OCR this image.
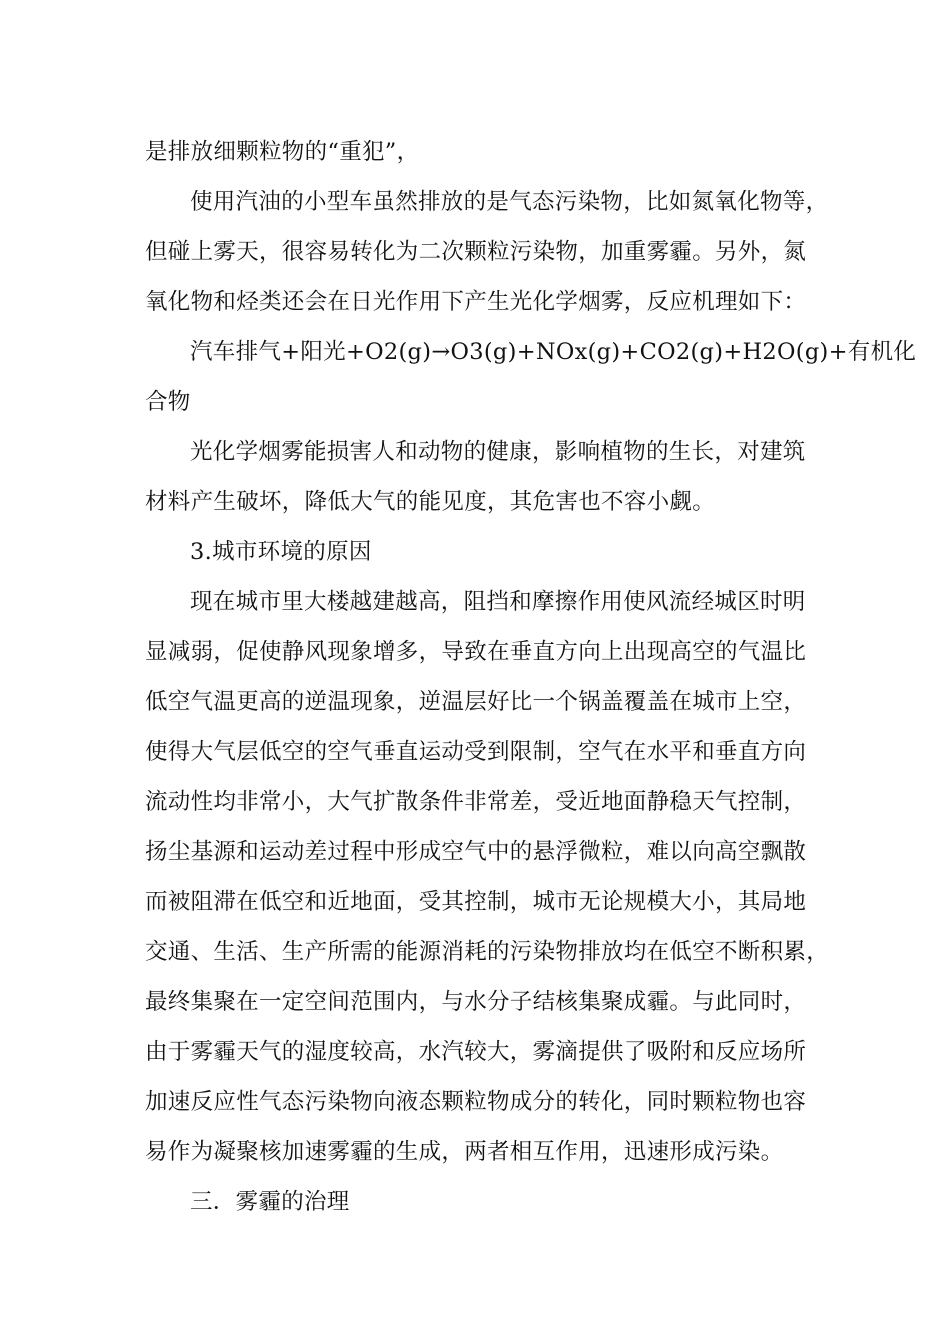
是排放细颗粒物的“重犯”，

使用汽油的小型车虽然排放的是气态污染物，比如氮氧化物等，

但碰上雾天，很容易转化为二次颗粒污染物，加重雾霾。另外，氮

氧化物和烃类还会在日光作用下产生光化学烟雾，反应机理如下：

汽车排气+阳光+O2(g)→O3(g)+NOx(g)+CO2(g)+H2O(g)+有机化

合物

光化学烟雾能损害人和动物的健康，影响植物的生长，对建筑

材料产生破坏，降低大气的能见度，其危害也不容小觑。

3.城市环境的原因

现在城市里大楼越建越高，阻挡和摩擦作用使风流经城区时明

显减弱，促使静风现象增多，导致在垂直方向上出现高空的气温比

低空气温更高的逆温现象，逆温层好比一个锅盖覆盖在城市上空，

使得大气层低空的空气垂直运动受到限制，空气在水平和垂直方向

流动性均非常小，大气扩散条件非常差，受近地面静稳天气控制，

扬尘基源和运动差过程中形成空气中的悬浮微粒，难以向高空飘散

而被阻滞在低空和近地面，受其控制，城市无论规模大小，其局地

交通、生活、生产所需的能源消耗的污染物排放均在低空不断积累，

最终集聚在一定空间范围内，与水分子结核集聚成霾。与此同时，

由于雾霾天气的湿度较高，水汽较大，雾滴提供了吸附和反应场所

加速反应性气态污染物向液态颗粒物成分的转化，同时颗粒物也容

易作为凝聚核加速雾霾的生成，两者相互作用，迅速形成污染。

三．雾霾的治理
